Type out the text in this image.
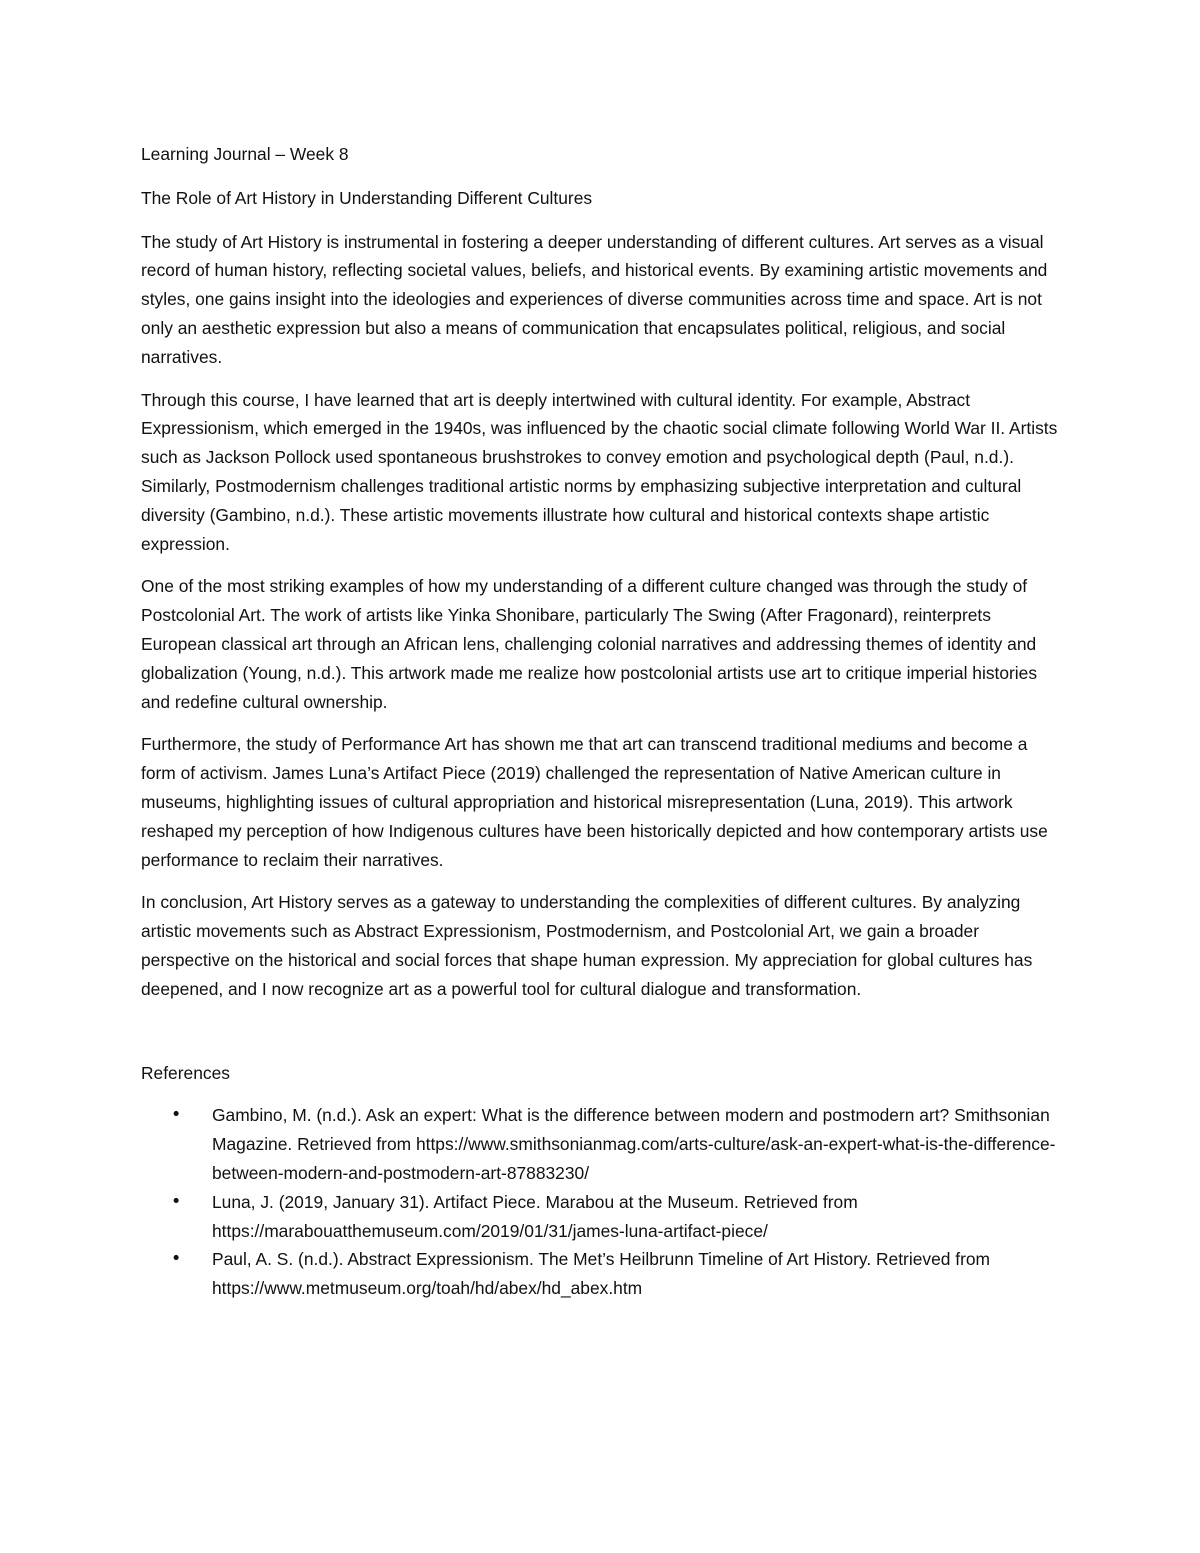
Learning Journal – Week 8
The Role of Art History in Understanding Different Cultures

The study of Art History is instrumental in fostering a deeper understanding of different cultures. Art serves as a visual record of human history, reflecting societal values, beliefs, and historical events. By examining artistic movements and styles, one gains insight into the ideologies and experiences of diverse communities across time and space. Art is not only an aesthetic expression but also a means of communication that encapsulates political, religious, and social narratives.

Through this course, I have learned that art is deeply intertwined with cultural identity. For example, Abstract Expressionism, which emerged in the 1940s, was influenced by the chaotic social climate following World War II. Artists such as Jackson Pollock used spontaneous brushstrokes to convey emotion and psychological depth (Paul, n.d.). Similarly, Postmodernism challenges traditional artistic norms by emphasizing subjective interpretation and cultural diversity (Gambino, n.d.). These artistic movements illustrate how cultural and historical contexts shape artistic expression.

One of the most striking examples of how my understanding of a different culture changed was through the study of Postcolonial Art. The work of artists like Yinka Shonibare, particularly The Swing (After Fragonard), reinterprets European classical art through an African lens, challenging colonial narratives and addressing themes of identity and globalization (Young, n.d.). This artwork made me realize how postcolonial artists use art to critique imperial histories and redefine cultural ownership.

Furthermore, the study of Performance Art has shown me that art can transcend traditional mediums and become a form of activism. James Luna’s Artifact Piece (2019) challenged the representation of Native American culture in museums, highlighting issues of cultural appropriation and historical misrepresentation (Luna, 2019). This artwork reshaped my perception of how Indigenous cultures have been historically depicted and how contemporary artists use performance to reclaim their narratives.

In conclusion, Art History serves as a gateway to understanding the complexities of different cultures. By analyzing artistic movements such as Abstract Expressionism, Postmodernism, and Postcolonial Art, we gain a broader perspective on the historical and social forces that shape human expression. My appreciation for global cultures has deepened, and I now recognize art as a powerful tool for cultural dialogue and transformation.

References
• Gambino, M. (n.d.). Ask an expert: What is the difference between modern and postmodern art? Smithsonian Magazine. Retrieved from https://www.smithsonianmag.com/arts-culture/ask-an-expert-what-is-the-difference-between-modern-and-postmodern-art-87883230/
• Luna, J. (2019, January 31). Artifact Piece. Marabou at the Museum. Retrieved from https://marabouatthemuseum.com/2019/01/31/james-luna-artifact-piece/
• Paul, A. S. (n.d.). Abstract Expressionism. The Met’s Heilbrunn Timeline of Art History. Retrieved from https://www.metmuseum.org/toah/hd/abex/hd_abex.htm
